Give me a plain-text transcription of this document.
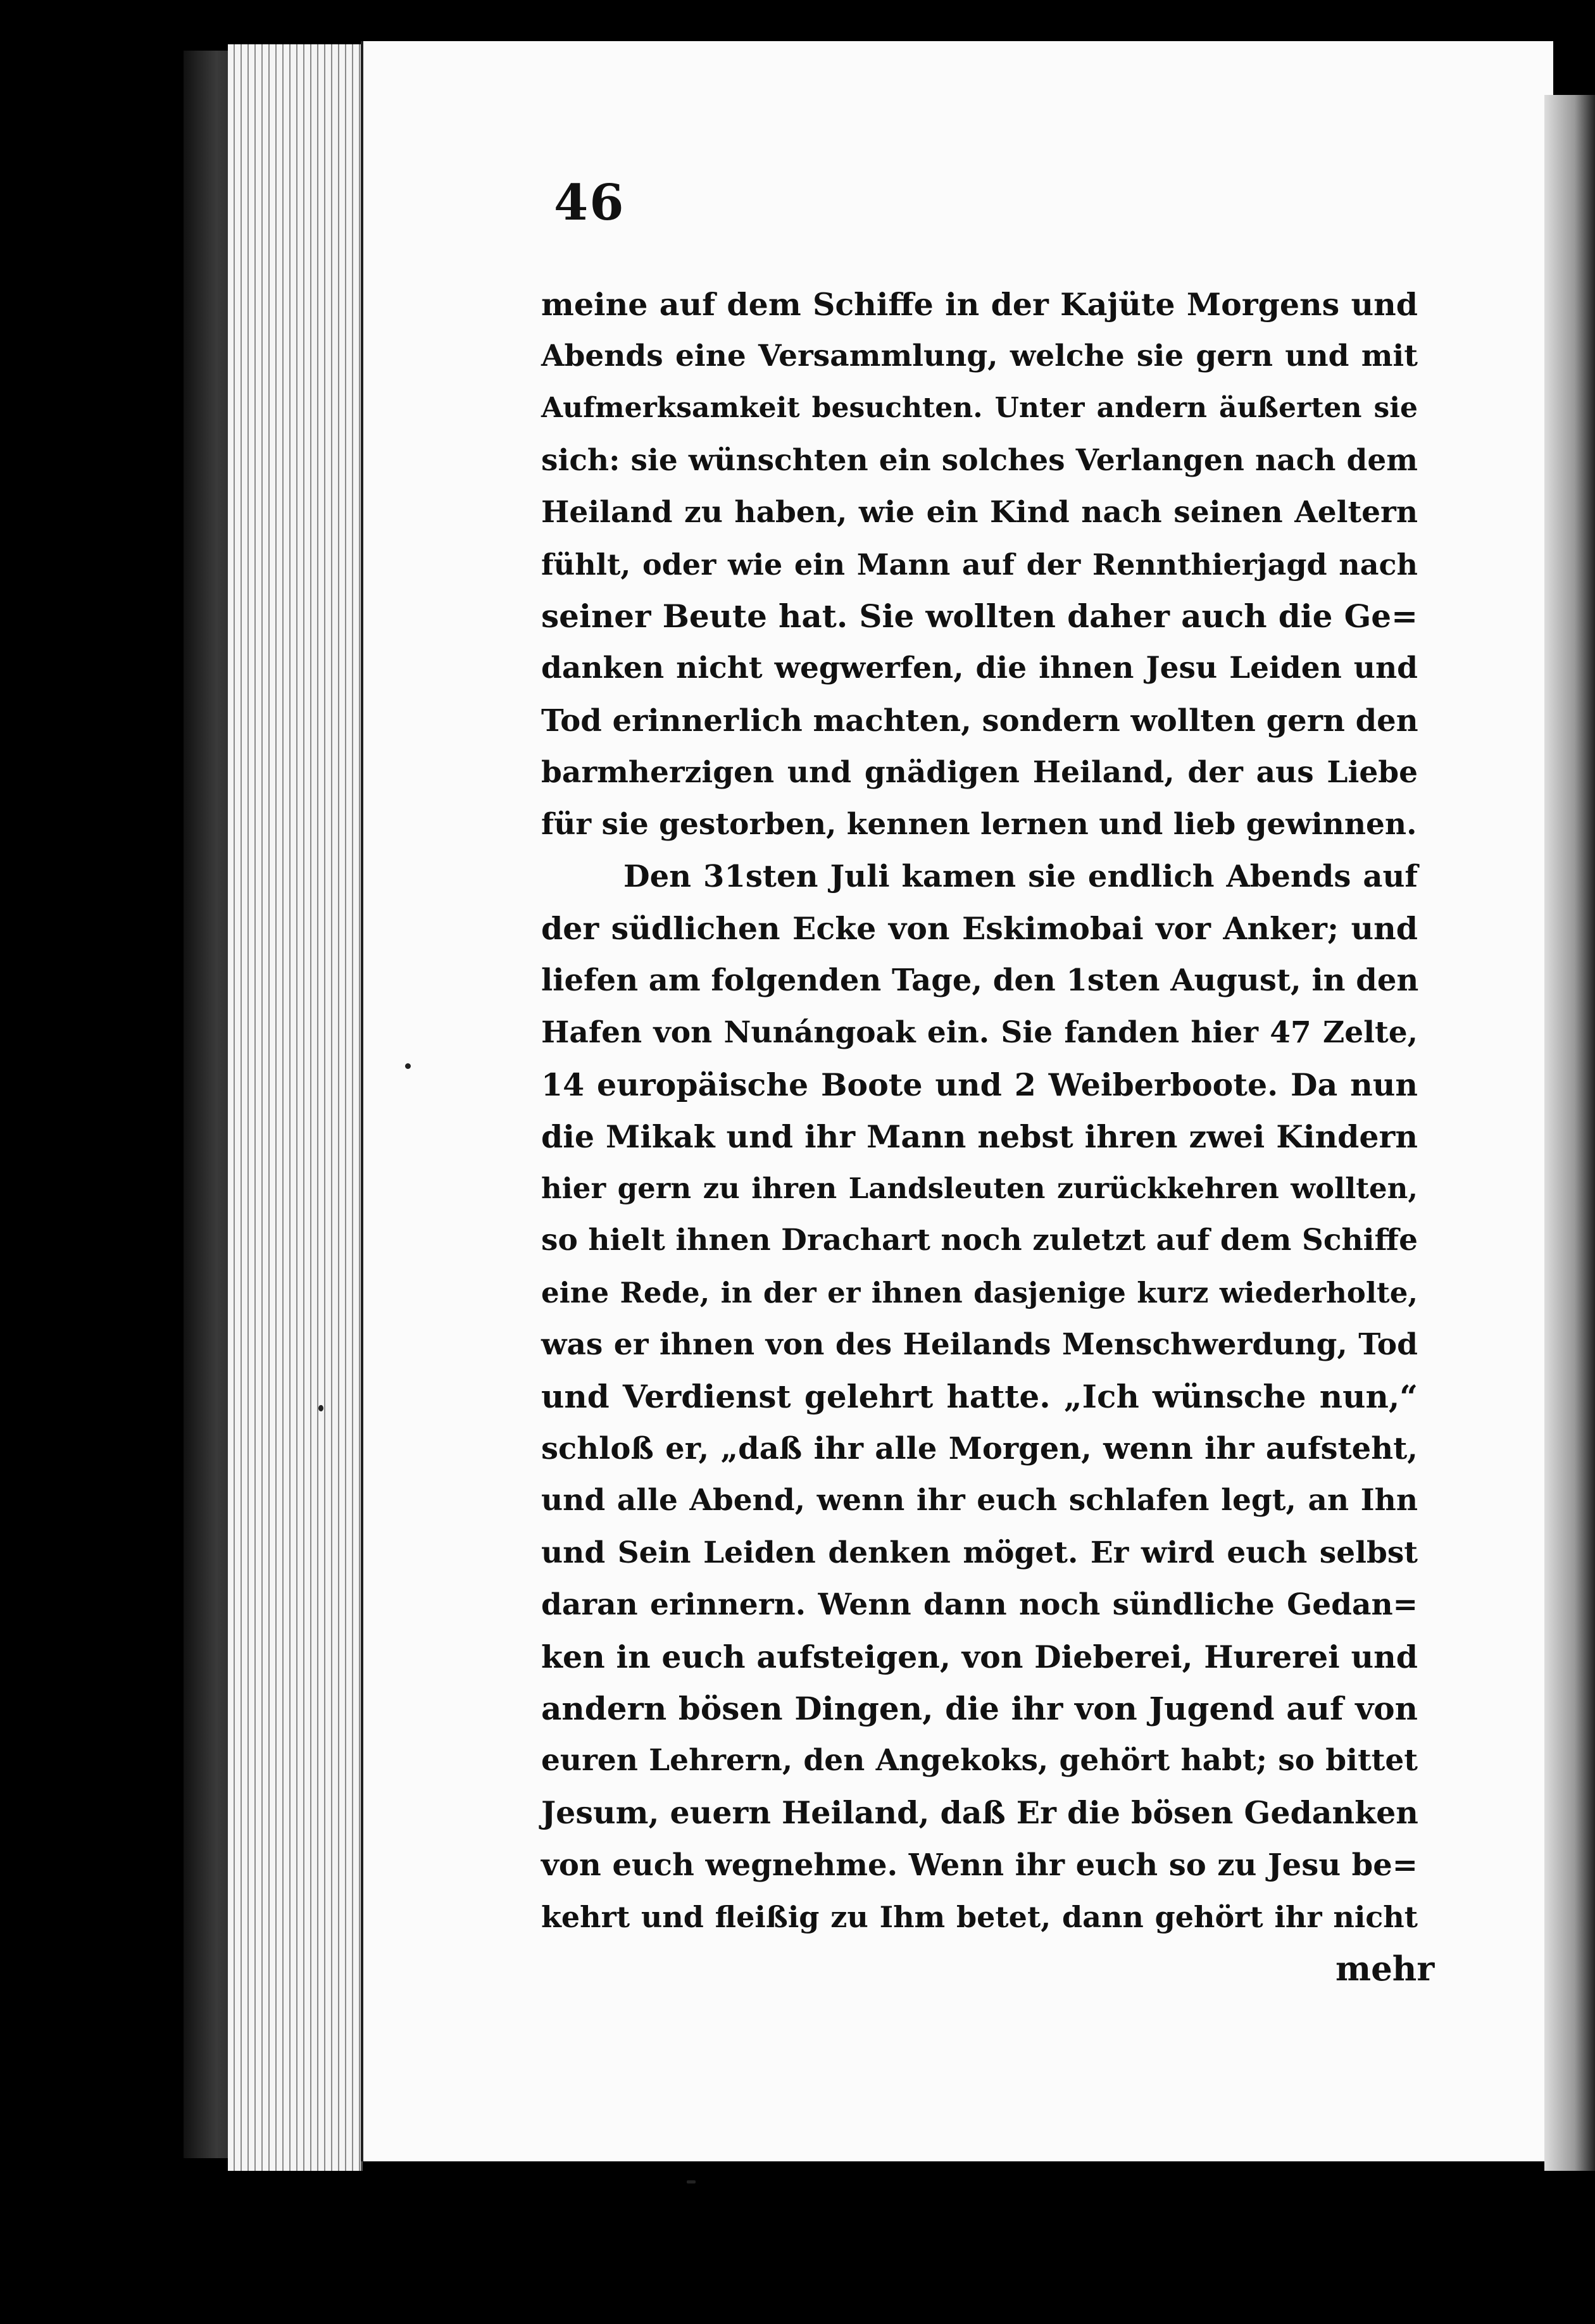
46
meine auf dem Schiffe in der Kajüte Morgens und
Abends eine Versammlung, welche sie gern und mit
Aufmerksamkeit besuchten. Unter andern äußerten sie
sich: sie wünschten ein solches Verlangen nach dem
Heiland zu haben, wie ein Kind nach seinen Aeltern
fühlt, oder wie ein Mann auf der Rennthierjagd nach
seiner Beute hat. Sie wollten daher auch die Ge=
danken nicht wegwerfen, die ihnen Jesu Leiden und
Tod erinnerlich machten, sondern wollten gern den
barmherzigen und gnädigen Heiland, der aus Liebe
für sie gestorben, kennen lernen und lieb gewinnen.
Den 31sten Juli kamen sie endlich Abends auf
der südlichen Ecke von Eskimobai vor Anker; und
liefen am folgenden Tage, den 1sten August, in den
Hafen von Nunángoak ein. Sie fanden hier 47 Zelte,
14 europäische Boote und 2 Weiberboote. Da nun
die Mikak und ihr Mann nebst ihren zwei Kindern
hier gern zu ihren Landsleuten zurückkehren wollten,
so hielt ihnen Drachart noch zuletzt auf dem Schiffe
eine Rede, in der er ihnen dasjenige kurz wiederholte,
was er ihnen von des Heilands Menschwerdung, Tod
und Verdienst gelehrt hatte. „Ich wünsche nun,“
schloß er, „daß ihr alle Morgen, wenn ihr aufsteht,
und alle Abend, wenn ihr euch schlafen legt, an Ihn
und Sein Leiden denken möget. Er wird euch selbst
daran erinnern. Wenn dann noch sündliche Gedan=
ken in euch aufsteigen, von Dieberei, Hurerei und
andern bösen Dingen, die ihr von Jugend auf von
euren Lehrern, den Angekoks, gehört habt; so bittet
Jesum, euern Heiland, daß Er die bösen Gedanken
von euch wegnehme. Wenn ihr euch so zu Jesu be=
kehrt und fleißig zu Ihm betet, dann gehört ihr nicht
mehr
